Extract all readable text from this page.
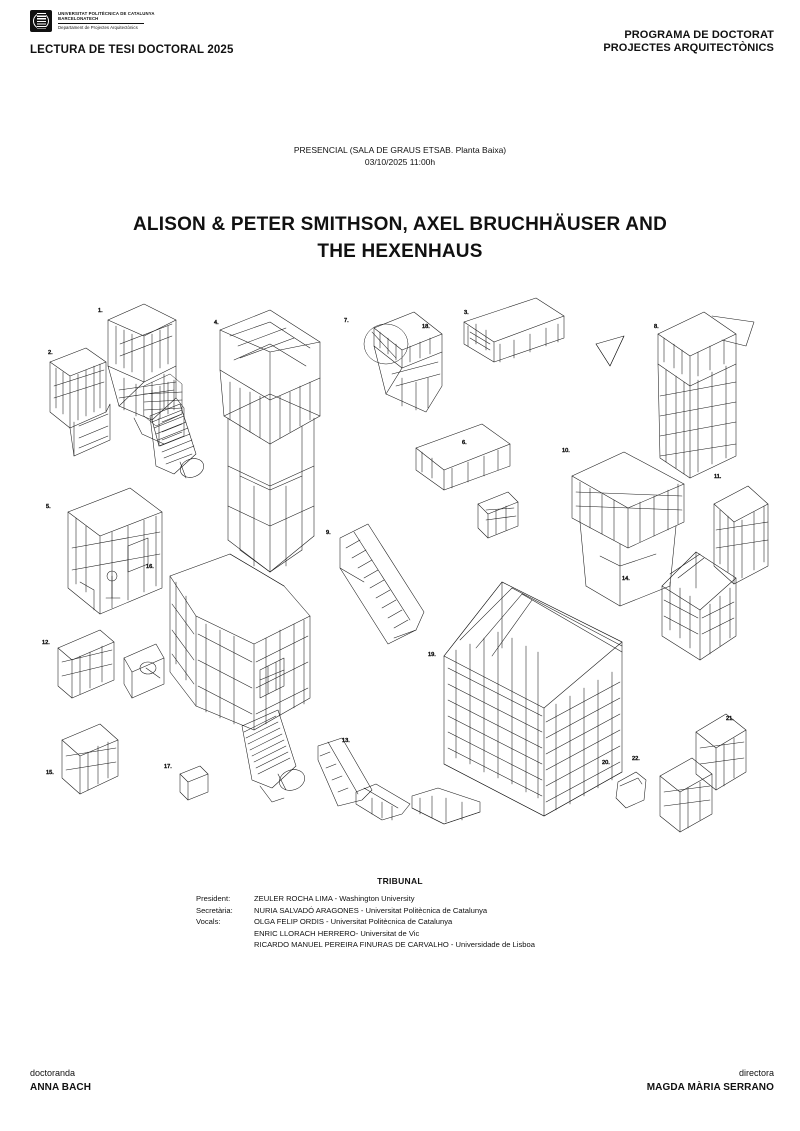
UNIVERSITAT POLITÈCNICA DE CATALUNYA
BARCELONATECH
Departament de Projectes Arquitectònics
LECTURA DE TESI DOCTORAL 2025
PROGRAMA DE DOCTORAT
PROJECTES ARQUITECTÒNICS
PRESENCIAL (SALA DE GRAUS ETSAB. Planta Baixa)
03/10/2025 11:00h
ALISON & PETER SMITHSON, AXEL BRUCHHÄUSER AND THE HEXENHAUS
1.
2.
3.
4.
5.
6.
7.
8.
9.
10.
11.
12.
13.
14.
15.
16.
17.
18.
19.
20.
21.
22.
TRIBUNAL
President:	ZEULER ROCHA LIMA - Washington University
Secretària:	NURIA SALVADÓ ARAGONES - Universitat Politècnica de Catalunya
Vocals:	OLGA FELIP ORDIS - Universitat Politècnica de Catalunya
ENRIC LLORACH HERRERO- Universitat de Vic
RICARDO MANUEL PEREIRA FINURAS DE CARVALHO - Universidade de Lisboa
doctoranda
ANNA BACH
directora
MAGDA MÀRIA SERRANO
